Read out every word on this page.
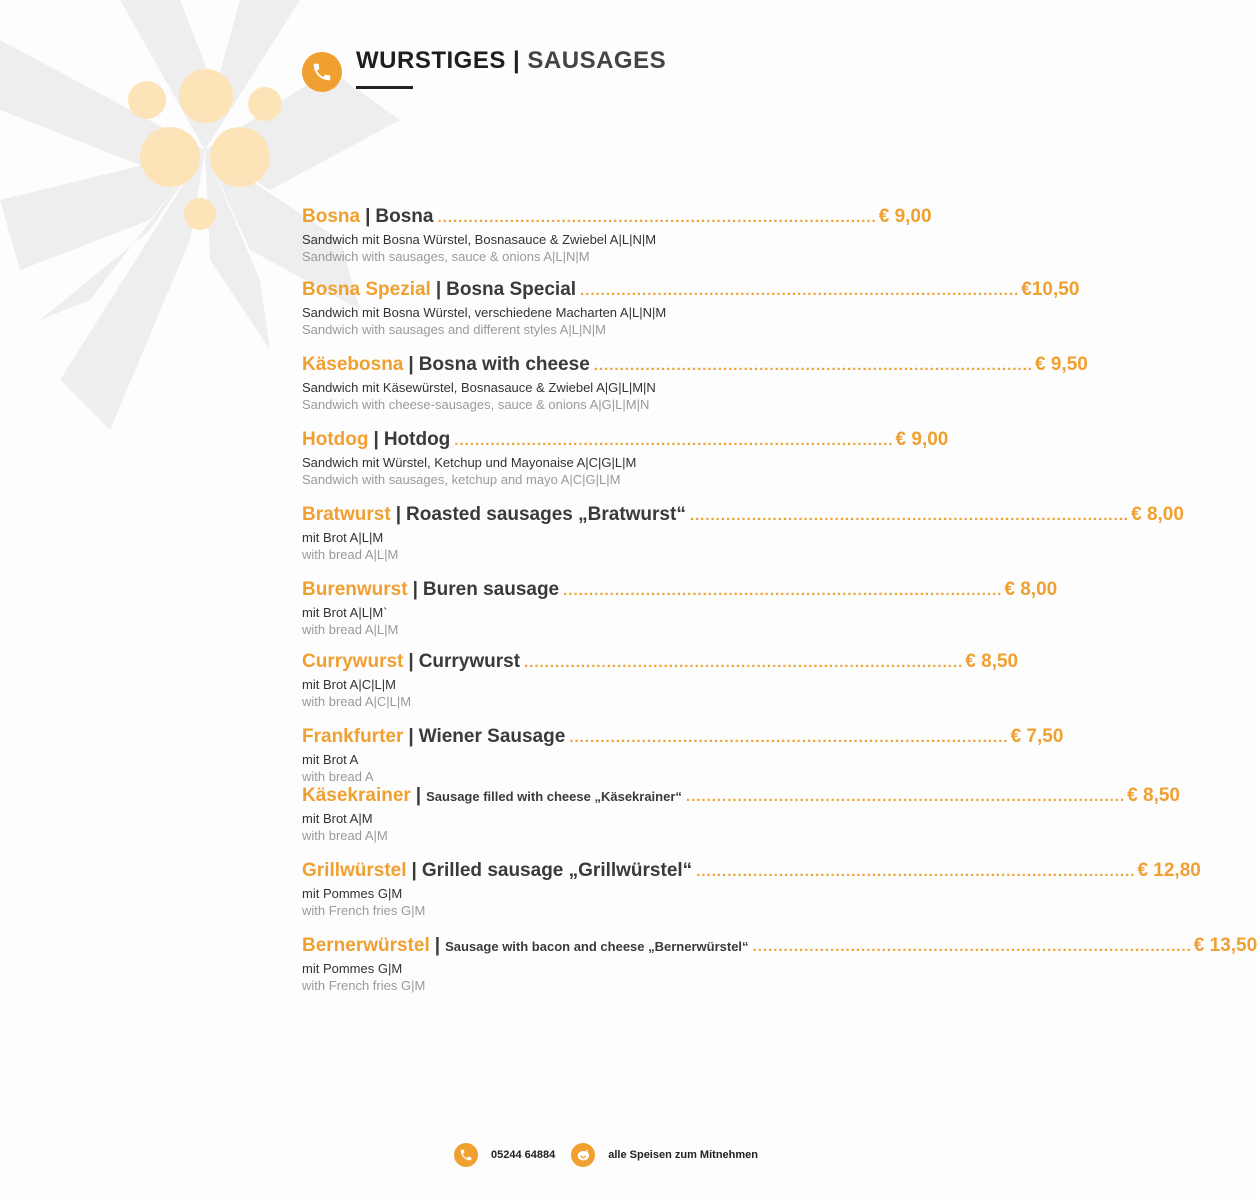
WURSTIGES | SAUSAGES
Bosna | Bosna ..................................................................................... € 9,00
Sandwich mit Bosna Würstel, Bosnasauce & Zwiebel A|L|N|M
Sandwich with sausages, sauce & onions A|L|N|M
Bosna Spezial | Bosna Special ..................................................................................... €10,50
Sandwich mit Bosna Würstel, verschiedene Macharten A|L|N|M
Sandwich with sausages and different styles A|L|N|M
Käsebosna | Bosna with cheese ..................................................................................... € 9,50
Sandwich mit Käsewürstel, Bosnasauce & Zwiebel A|G|L|M|N
Sandwich with cheese-sausages, sauce & onions A|G|L|M|N
Hotdog | Hotdog ..................................................................................... € 9,00
Sandwich mit Würstel, Ketchup und Mayonaise A|C|G|L|M
Sandwich with sausages, ketchup and mayo A|C|G|L|M
Bratwurst | Roasted sausages „Bratwurst“ ..................................................................................... € 8,00
mit Brot A|L|M
with bread A|L|M
Burenwurst | Buren sausage ..................................................................................... € 8,00
mit Brot A|L|M`
with bread A|L|M
Currywurst | Currywurst ..................................................................................... € 8,50
mit Brot A|C|L|M
with bread A|C|L|M
Frankfurter | Wiener Sausage ..................................................................................... € 7,50
mit Brot A
with bread A
Käsekrainer | Sausage filled with cheese „Käsekrainer“ ..................................................................................... € 8,50
mit Brot A|M
with bread A|M
Grillwürstel | Grilled sausage „Grillwürstel“ ..................................................................................... € 12,80
mit Pommes G|M
with French fries G|M
Bernerwürstel | Sausage with bacon and cheese „Bernerwürstel“ ..................................................................................... € 13,50
mit Pommes G|M
with French fries G|M
05244 64884	alle Speisen zum Mitnehmen
